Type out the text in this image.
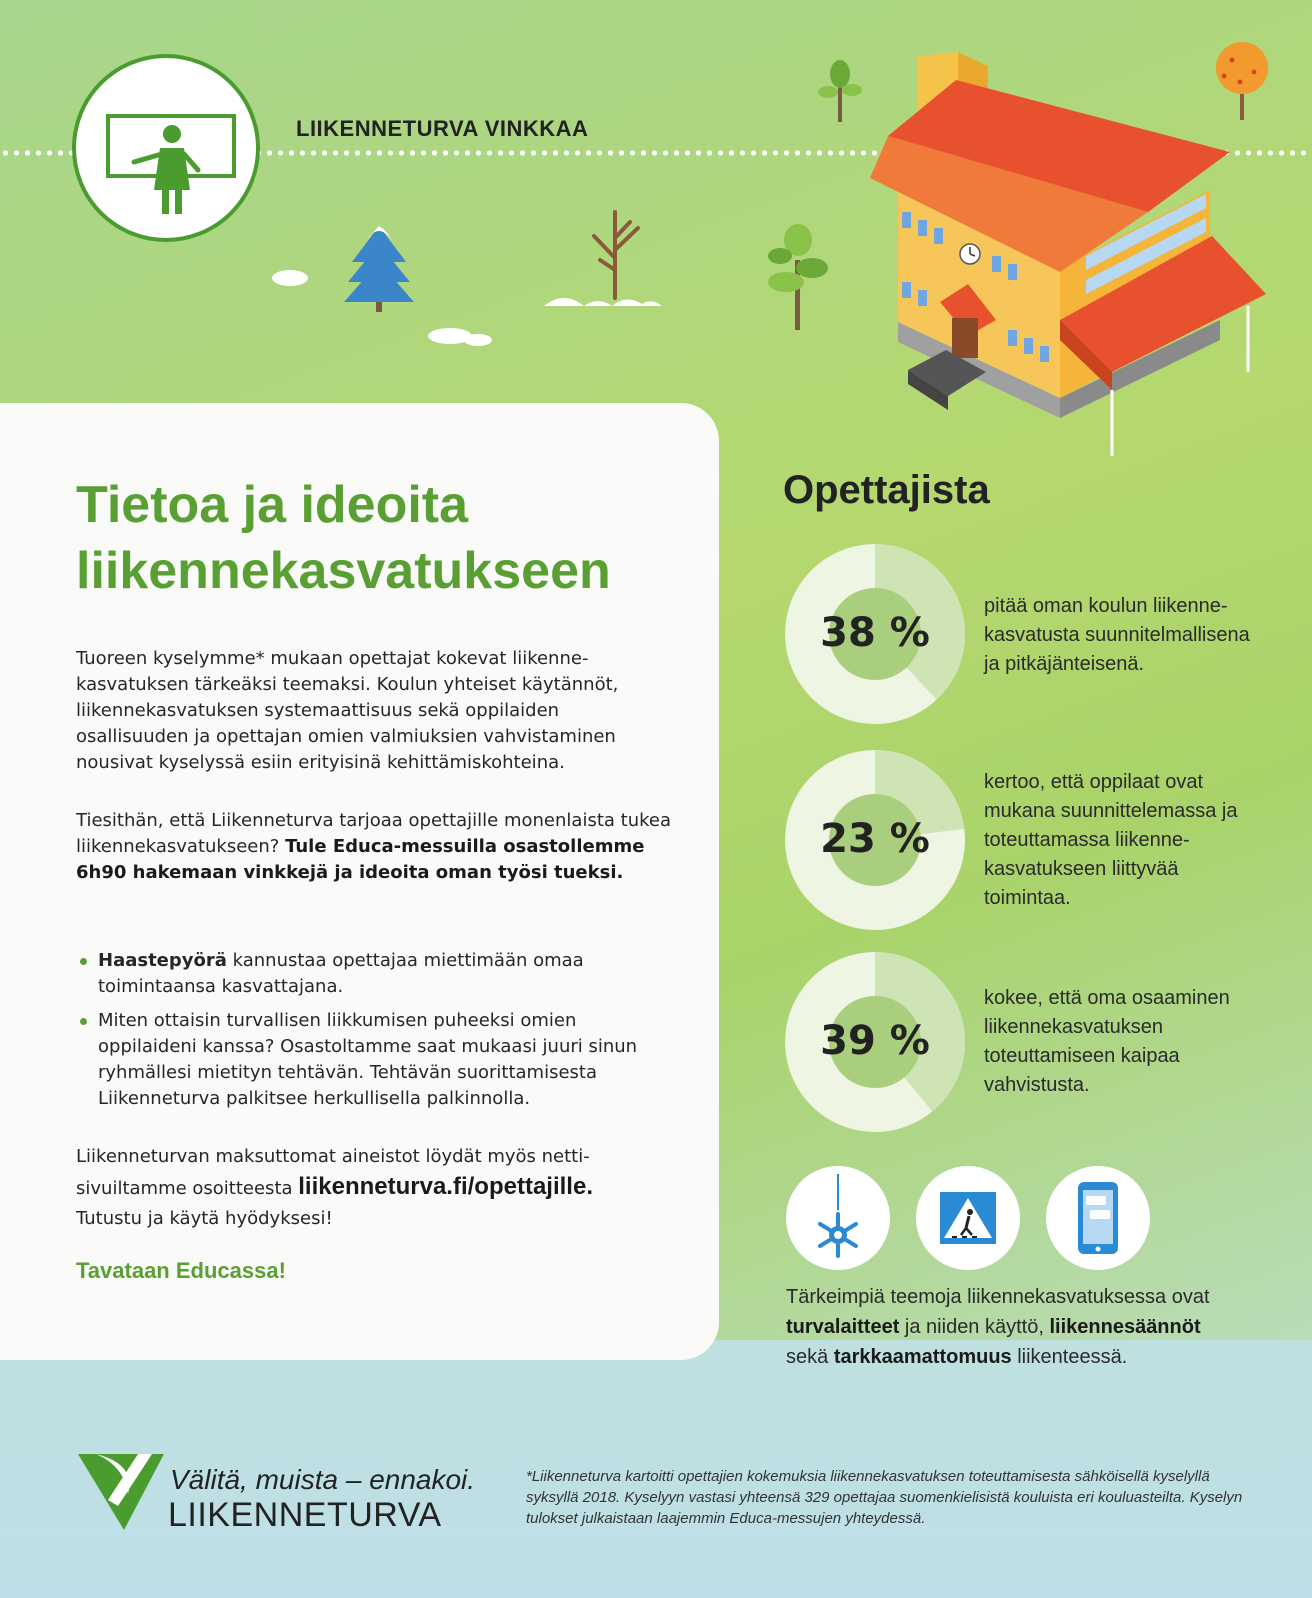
LIIKENNETURVA VINKKAA
Tietoa ja ideoita
liikennekasvatukseen

Tuoreen kyselymme* mukaan opettajat kokevat liikenne-kasvatuksen tärkeäksi teemaksi. Koulun yhteiset käytännöt, liikennekasvatuksen systemaattisuus sekä oppilaiden osallisuuden ja opettajan omien valmiuksien vahvistaminen nousivat kyselyssä esiin erityisinä kehittämiskohteina.

Tiesithän, että Liikenneturva tarjoaa opettajille monenlaista tukea liikennekasvatukseen? Tule Educa-messuilla osastollemme 6h90 hakemaan vinkkejä ja ideoita oman työsi tueksi.

Haastepyörä kannustaa opettajaa miettimään omaa toimintaansa kasvattajana.
Miten ottaisin turvallisen liikkumisen puheeksi omien oppilaideni kanssa? Osastoltamme saat mukaasi juuri sinun ryhmällesi mietityn tehtävän. Tehtävän suorittamisesta Liikenneturva palkitsee herkullisella palkinnolla.

Liikenneturvan maksuttomat aineistot löydät myös netti-sivuiltamme osoitteesta liikenneturva.fi/opettajille.
Tutustu ja käytä hyödyksesi!

Tavataan Educassa!
Opettajista
38 %
pitää oman koulun liikenne-kasvatusta suunnitelmallisena ja pitkäjänteisenä.
23 %
kertoo, että oppilaat ovat mukana suunnittelemassa ja toteuttamassa liikenne-kasvatukseen liittyvää toimintaa.
39 %
kokee, että oma osaaminen liikennekasvatuksen toteuttamiseen kaipaa vahvistusta.
Tärkeimpiä teemoja liikennekasvatuksessa ovat turvalaitteet ja niiden käyttö, liikennesäännöt
sekä tarkkaamattomuus liikenteessä.
Välitä, muista – ennakoi.
LIIKENNETURVA
*Liikenneturva kartoitti opettajien kokemuksia liikennekasvatuksen toteuttamisesta sähköisellä kyselyllä syksyllä 2018. Kyselyyn vastasi yhteensä 329 opettajaa suomenkielisistä kouluista eri kouluasteilta. Kyselyn tulokset julkaistaan laajemmin Educa-messujen yhteydessä.
